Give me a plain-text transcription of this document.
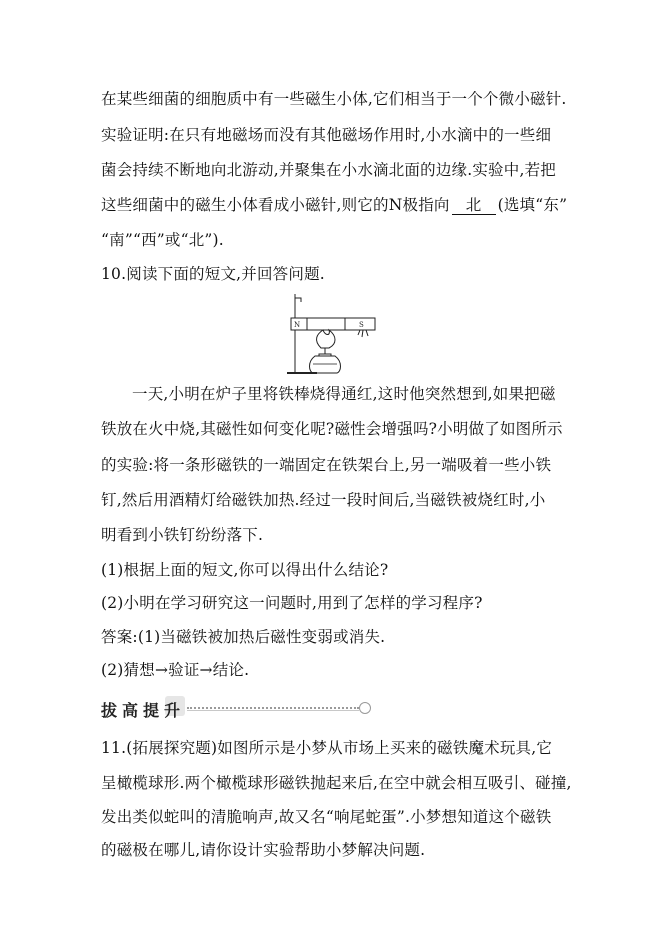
在某些细菌的细胞质中有一些磁生小体,它们相当于一个个微小磁针.
实验证明:在只有地磁场而没有其他磁场作用时,小水滴中的一些细
菌会持续不断地向北游动,并聚集在小水滴北面的边缘.实验中,若把
这些细菌中的磁生小体看成小磁针,则它的N极指向 北 (选填“东”
“南”“西”或“北”).
10.阅读下面的短文,并回答问题.
N	S
一天,小明在炉子里将铁棒烧得通红,这时他突然想到,如果把磁
铁放在火中烧,其磁性如何变化呢?磁性会增强吗?小明做了如图所示
的实验:将一条形磁铁的一端固定在铁架台上,另一端吸着一些小铁
钉,然后用酒精灯给磁铁加热.经过一段时间后,当磁铁被烧红时,小
明看到小铁钉纷纷落下.
(1)根据上面的短文,你可以得出什么结论?
(2)小明在学习研究这一问题时,用到了怎样的学习程序?
答案:(1)当磁铁被加热后磁性变弱或消失.
(2)猜想→验证→结论.
拔高提升
11.(拓展探究题)如图所示是小梦从市场上买来的磁铁魔术玩具,它
呈橄榄球形.两个橄榄球形磁铁抛起来后,在空中就会相互吸引、碰撞,
发出类似蛇叫的清脆响声,故又名“响尾蛇蛋”.小梦想知道这个磁铁
的磁极在哪儿,请你设计实验帮助小梦解决问题.
